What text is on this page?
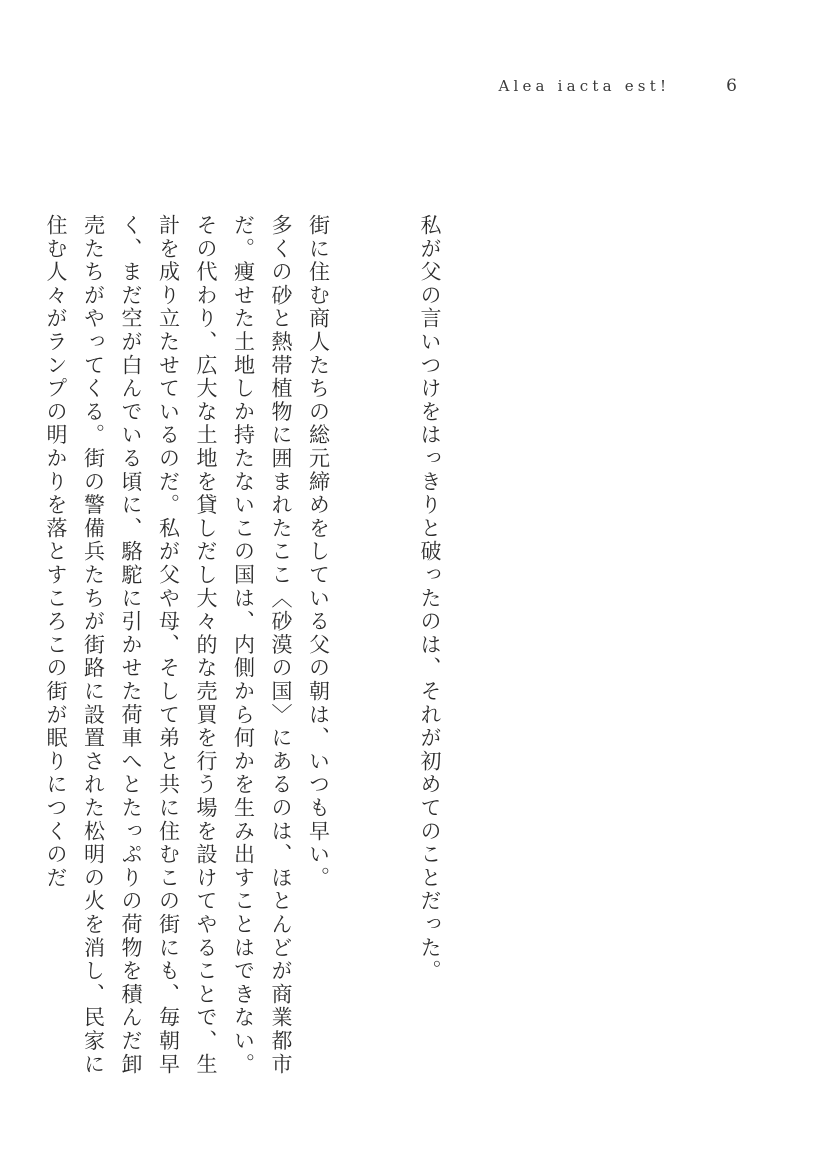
Alea iacta est!	6

私が父の言いつけをはっきりと破ったのは、それが初めてのことだった。

街に住む商人たちの総元締めをしている父の朝は、いつも早い。

多くの砂と熱帯植物に囲まれたここ〈砂漠の国〉にあるのは、ほとんどが商業都市だ。痩せた土地しか持たないこの国は、内側から何かを生み出すことはできない。その代わり、広大な土地を貸しだし大々的な売買を行う場を設けてやることで、生計を成り立たせているのだ。私が父や母、そして弟と共に住むこの街にも、毎朝早く、まだ空が白んでいる頃に、駱駝に引かせた荷車へとたっぷりの荷物を積んだ卸売たちがやってくる。街の警備兵たちが街路に設置された松明の火を消し、民家に住む人々がランプの明かりを落とすころこの街が眠りにつくのだ
